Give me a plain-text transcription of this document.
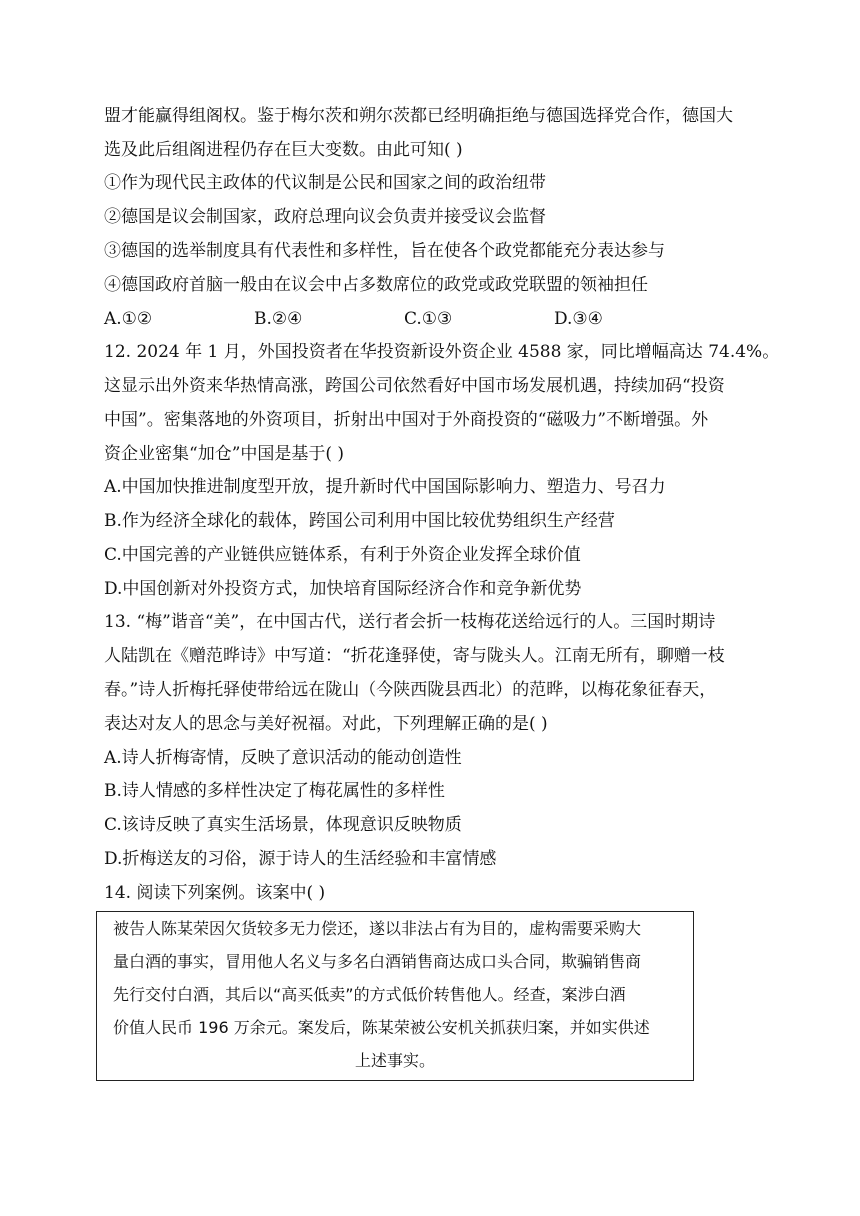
盟才能赢得组阁权。鉴于梅尔茨和朔尔茨都已经明确拒绝与德国选择党合作，德国大
选及此后组阁进程仍存在巨大变数。由此可知( )
①作为现代民主政体的代议制是公民和国家之间的政治纽带
②德国是议会制国家，政府总理向议会负责并接受议会监督
③德国的选举制度具有代表性和多样性，旨在使各个政党都能充分表达参与
④德国政府首脑一般由在议会中占多数席位的政党或政党联盟的领袖担任
A.①②	B.②④	C.①③	D.③④
12. 2024 年 1 月，外国投资者在华投资新设外资企业 4588 家，同比增幅高达 74.4%。
这显示出外资来华热情高涨，跨国公司依然看好中国市场发展机遇，持续加码“投资
中国”。密集落地的外资项目，折射出中国对于外商投资的“磁吸力”不断增强。外
资企业密集“加仓”中国是基于( )
A.中国加快推进制度型开放，提升新时代中国国际影响力、塑造力、号召力
B.作为经济全球化的载体，跨国公司利用中国比较优势组织生产经营
C.中国完善的产业链供应链体系，有利于外资企业发挥全球价值
D.中国创新对外投资方式，加快培育国际经济合作和竞争新优势
13. “梅”谐音“美”，在中国古代，送行者会折一枝梅花送给远行的人。三国时期诗
人陆凯在《赠范晔诗》中写道：“折花逢驿使，寄与陇头人。江南无所有，聊赠一枝
春。”诗人折梅托驿使带给远在陇山（今陕西陇县西北）的范晔，以梅花象征春天，
表达对友人的思念与美好祝福。对此，下列理解正确的是( )
A.诗人折梅寄情，反映了意识活动的能动创造性
B.诗人情感的多样性决定了梅花属性的多样性
C.该诗反映了真实生活场景，体现意识反映物质
D.折梅送友的习俗，源于诗人的生活经验和丰富情感
14. 阅读下列案例。该案中( )
被告人陈某荣因欠货较多无力偿还，遂以非法占有为目的，虚构需要采购大
量白酒的事实，冒用他人名义与多名白酒销售商达成口头合同，欺骗销售商
先行交付白酒，其后以“高买低卖”的方式低价转售他人。经查，案涉白酒
价值人民币 196 万余元。案发后，陈某荣被公安机关抓获归案，并如实供述
上述事实。
